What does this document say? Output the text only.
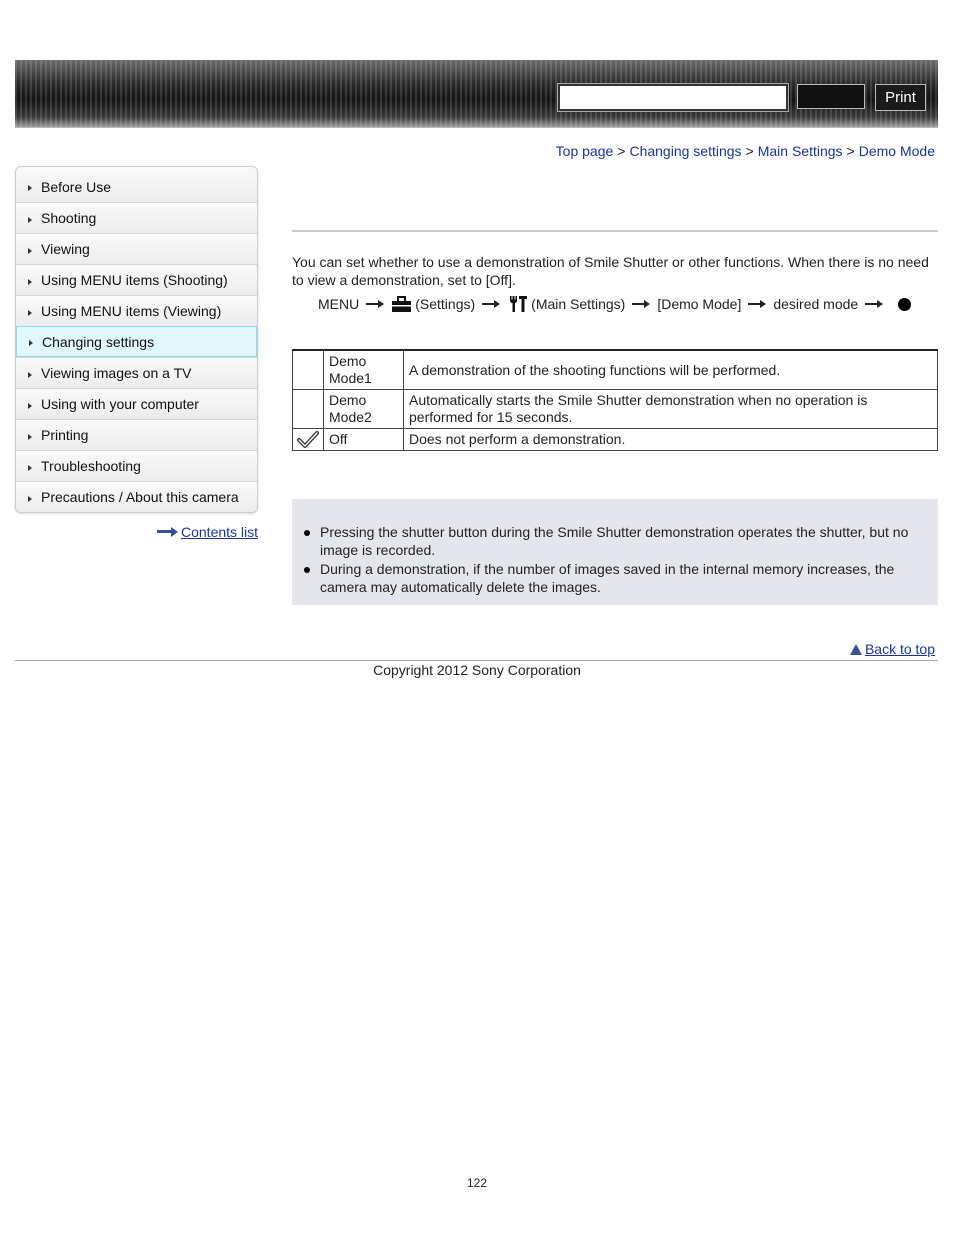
Print
Top page > Changing settings > Main Settings > Demo Mode
Before Use
Shooting
Viewing
Using MENU items (Shooting)
Using MENU items (Viewing)
Changing settings
Viewing images on a TV
Using with your computer
Printing
Troubleshooting
Precautions / About this camera
Contents list

You can set whether to use a demonstration of Smile Shutter or other functions. When there is no need to view a demonstration, set to [Off].

MENU	(Settings)	(Main Settings) [Demo Mode] desired mode
	Demo Mode1	A demonstration of the shooting functions will be performed.
	Demo Mode2	Automatically starts the Smile Shutter demonstration when no operation is performed for 15 seconds.
	Off	Does not perform a demonstration.
Pressing the shutter button during the Smile Shutter demonstration operates the shutter, but no image is recorded.
During a demonstration, if the number of images saved in the internal memory increases, the camera may automatically delete the images.
Back to top
Copyright 2012 Sony Corporation
122
